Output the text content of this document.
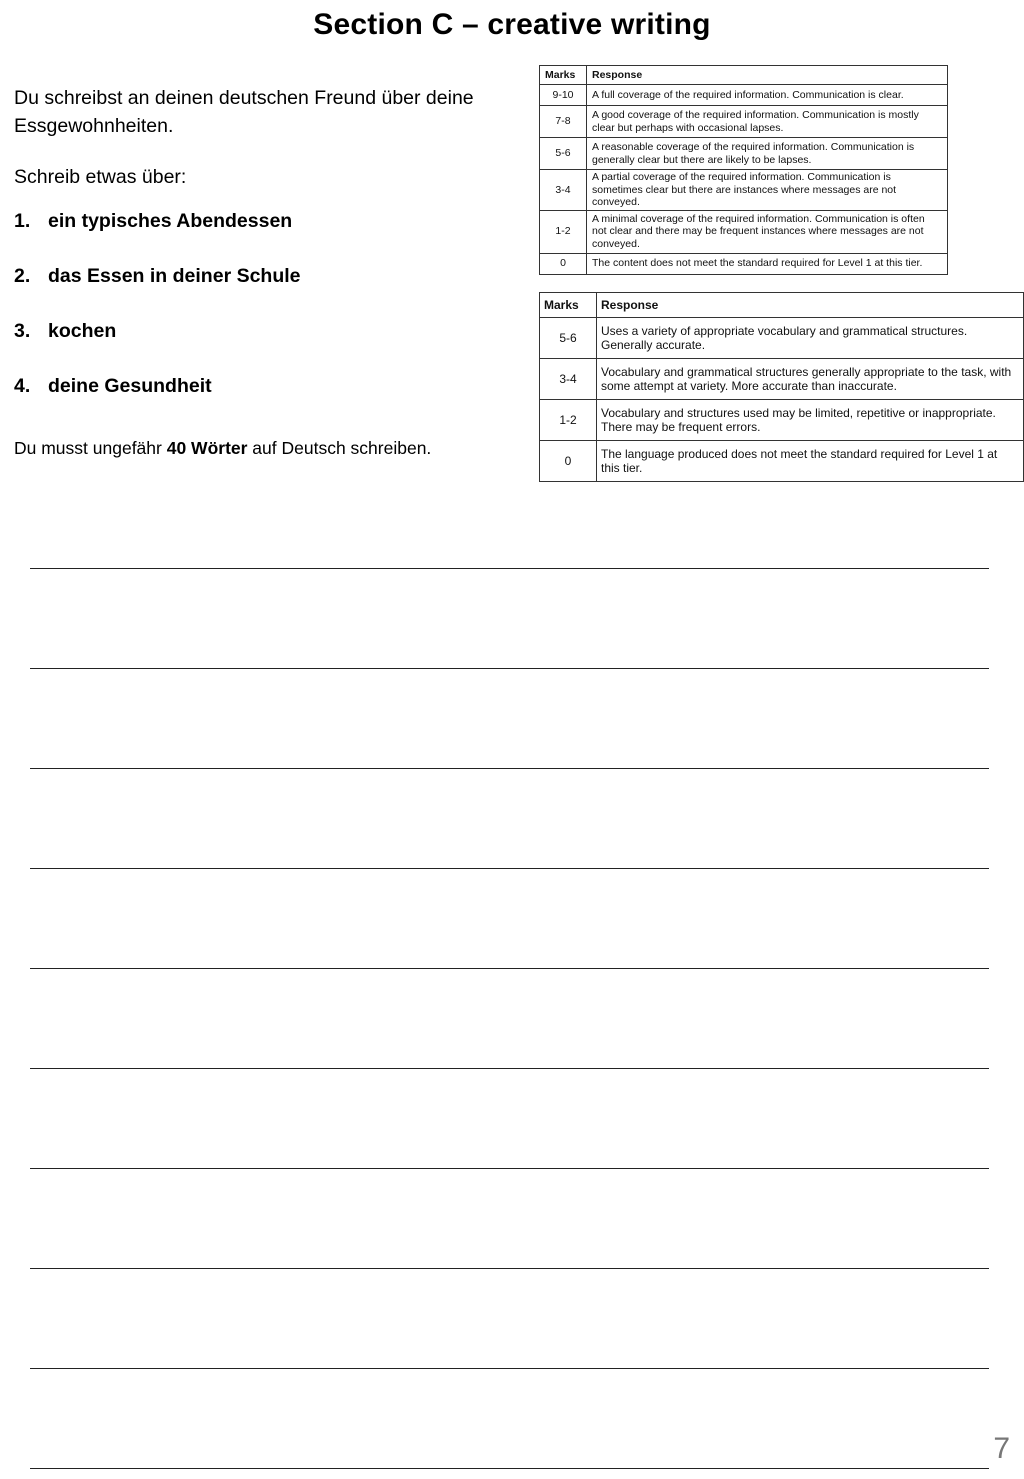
Section C – creative writing
Du schreibst an deinen deutschen Freund über deine Essgewohnheiten.
Schreib etwas über:
1. ein typisches Abendessen
2. das Essen in deiner Schule
3. kochen
4. deine Gesundheit
Du musst ungefähr 40 Wörter auf Deutsch schreiben.
Marks	Response
9-10	A full coverage of the required information. Communication is clear.
7-8	A good coverage of the required information. Communication is mostly clear but perhaps with occasional lapses.
5-6	A reasonable coverage of the required information. Communication is generally clear but there are likely to be lapses.
3-4	A partial coverage of the required information. Communication is sometimes clear but there are instances where messages are not conveyed.
1-2	A minimal coverage of the required information. Communication is often not clear and there may be frequent instances where messages are not conveyed.
0	The content does not meet the standard required for Level 1 at this tier.
Marks	Response
5-6	Uses a variety of appropriate vocabulary and grammatical structures. Generally accurate.
3-4	Vocabulary and grammatical structures generally appropriate to the task, with some attempt at variety. More accurate than inaccurate.
1-2	Vocabulary and structures used may be limited, repetitive or inappropriate. There may be frequent errors.
0	The language produced does not meet the standard required for Level 1 at this tier.
7
